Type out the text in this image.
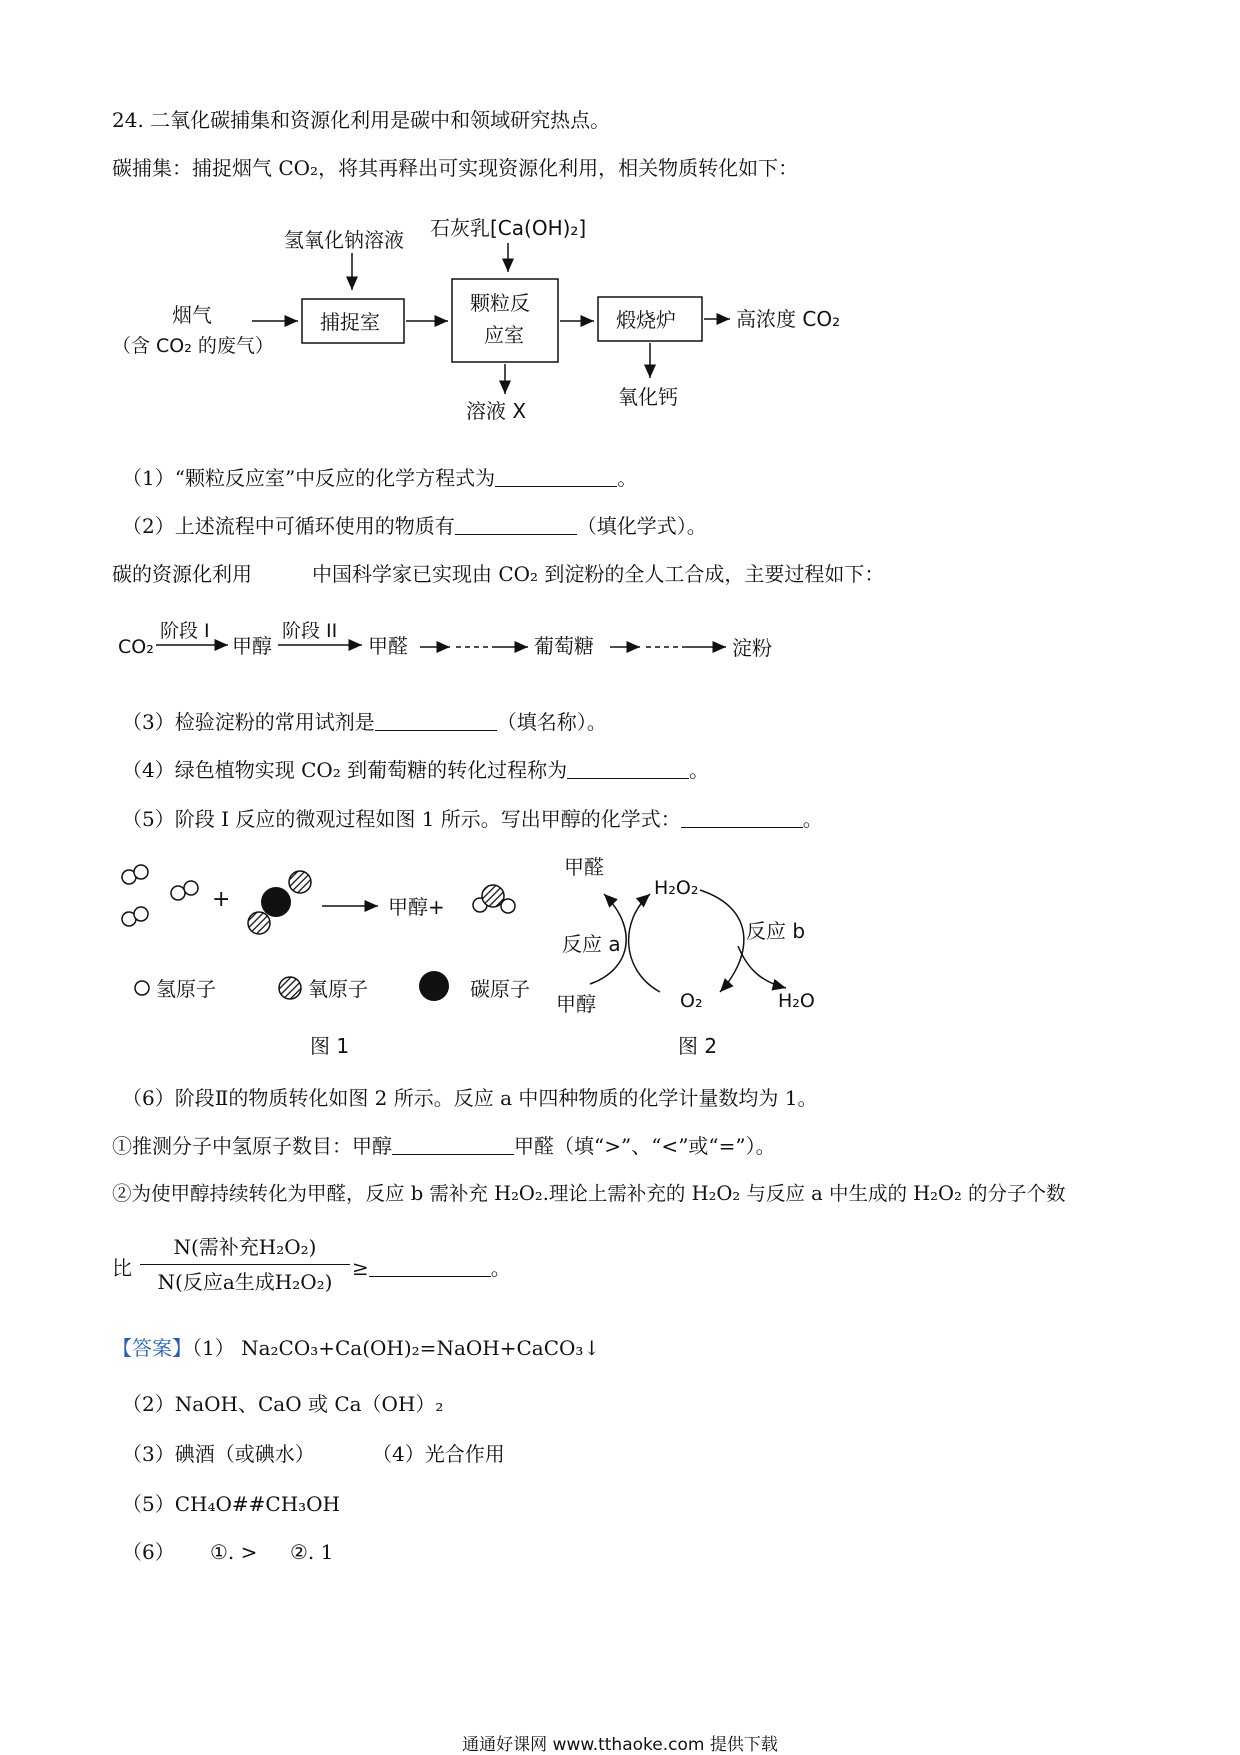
24. 二氧化碳捕集和资源化利用是碳中和领域研究热点。
碳捕集：捕捉烟气 CO₂，将其再释出可实现资源化利用，相关物质转化如下：
氢氧化钠溶液 石灰乳[Ca(OH)₂]
烟气
（含 CO₂ 的废气）
捕捉室
颗粒反
应室
溶液 X
煅烧炉	高浓度 CO₂
氧化钙
（1）“颗粒反应室”中反应的化学方程式为	。
（2）上述流程中可循环使用的物质有	（填化学式）。
碳的资源化利用	中国科学家已实现由 CO₂ 到淀粉的全人工合成，主要过程如下：
CO₂
阶段 I
甲醇
阶段 II
甲醛	葡萄糖	淀粉
（3）检验淀粉的常用试剂是	（填名称）。
（4）绿色植物实现 CO₂ 到葡萄糖的转化过程称为	。
（5）阶段 I 反应的微观过程如图 1 所示。写出甲醇的化学式：	。
+	甲醇+
氢原子	氧原子	碳原子
图 1
甲醛
H₂O₂
反应 a
反应 b
甲醇	O₂	H₂O
图 2
（6）阶段Ⅱ的物质转化如图 2 所示。反应 a 中四种物质的化学计量数均为 1。
①推测分子中氢原子数目：甲醇	甲醛（填“>”、“<”或“=”）。
②为使甲醇持续转化为甲醛，反应 b 需补充 H₂O₂.理论上需补充的 H₂O₂ 与反应 a 中生成的 H₂O₂ 的分子个数
比
N(需补充H₂O₂)
N(反应a生成H₂O₂)
≥	。
【答案】（1） Na₂CO₃+Ca(OH)₂=NaOH+CaCO₃↓
（2）NaOH、CaO 或 Ca（OH）₂
（3）碘酒（或碘水）	（4）光合作用
（5）CH₄O##CH₃OH
（6） ①. > ②. 1
通通好课网 www.tthaoke.com 提供下载
